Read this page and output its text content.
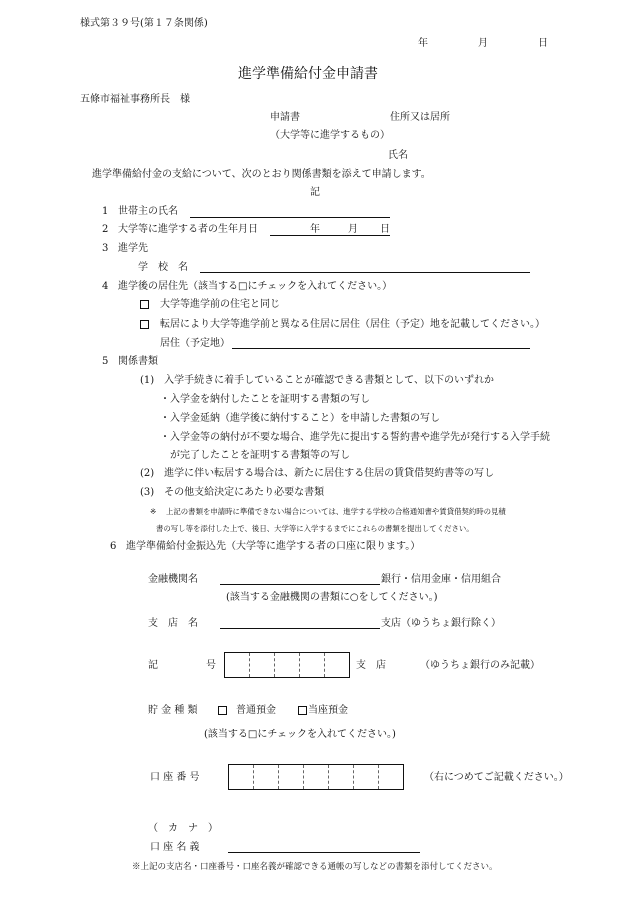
様式第３９号(第１７条関係)
年	月	日
進学準備給付金申請書
五條市福祉事務所長　様
申請書	住所又は居所
（大学等に進学するもの）
氏名
進学準備給付金の支給について、次のとおり関係書類を添えて申請します。
記
1 世帯主の氏名
2 大学等に進学する者の生年月日	年	月 日
3 進学先
学　校　名
4 進学後の居住先（該当する□にチェックを入れてください。）
大学等進学前の住宅と同じ
転居により大学等進学前と異なる住居に居住（居住（予定）地を記載してください。）
居住（予定地）
5 関係書類
(1)　入学手続きに着手していることが確認できる書類として、以下のいずれか
・入学金を納付したことを証明する書類の写し
・入学金延納（進学後に納付すること）を申請した書類の写し
・入学金等の納付が不要な場合、進学先に提出する誓約書や進学先が発行する入学手続
が完了したことを証明する書類等の写し
(2)　進学に伴い転居する場合は、新たに居住する住居の賃貸借契約書等の写し
(3)　その他支給決定にあたり必要な書類
※ 上記の書類を申請時に準備できない場合については、進学する学校の合格通知書や賃貸借契約時の見積
書の写し等を添付した上で、後日、大学等に入学するまでにこれらの書類を提出してください。
6 進学準備給付金振込先（大学等に進学する者の口座に限ります。）
金融機関名	銀行・信用金庫・信用組合
(該当する金融機関の書類に○をしてください。)
支　店　名	支店（ゆうちょ銀行除く）
記	号	支　店	（ゆうちょ銀行のみ記載）
貯 金 種 類	普通預金	当座預金
(該当する□にチェックを入れてください。)
口 座 番 号	（右につめてご記載ください。）
（　カ　ナ　）
口 座 名 義
※上記の支店名・口座番号・口座名義が確認できる通帳の写しなどの書類を添付してください。
